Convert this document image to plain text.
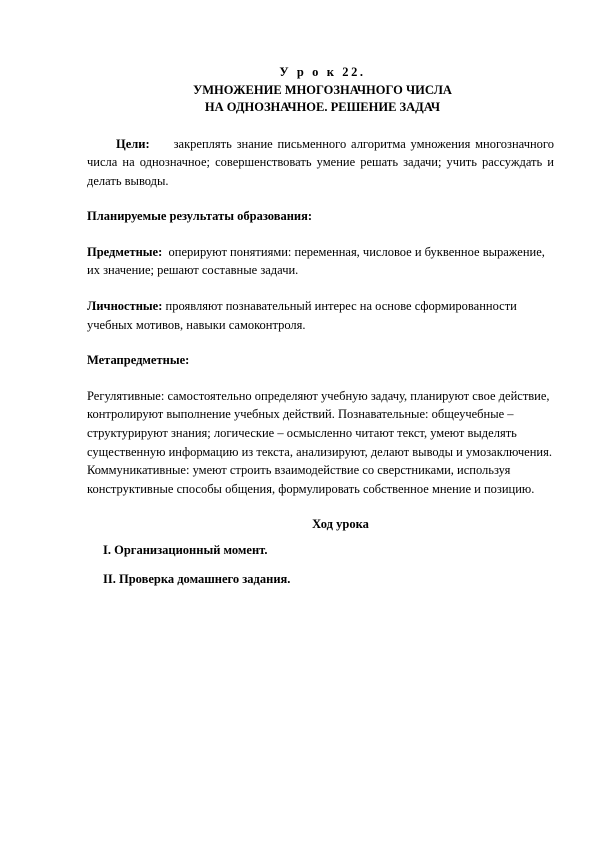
У р о к 22.
УМНОЖЕНИЕ МНОГОЗНАЧНОГО ЧИСЛА
НА ОДНОЗНАЧНОЕ. РЕШЕНИЕ ЗАДАЧ

Цели: закреплять знание письменного алгоритма умножения многозначного числа на однозначное; совершенствовать умение решать задачи; учить рассуждать и делать выводы.

Планируемые результаты образования:

Предметные: оперируют понятиями: переменная, числовое и буквенное выражение, их значение; решают составные задачи.

Личностные: проявляют познавательный интерес на основе сформированности учебных мотивов, навыки самоконтроля.

Метапредметные:

Регулятивные: самостоятельно определяют учебную задачу, планируют свое действие, контролируют выполнение учебных действий. Познавательные: общеучебные – структурируют знания; логические – осмысленно читают текст, умеют выделять существенную информацию из текста, анализируют, делают выводы и умозаключения. Коммуникативные: умеют строить взаимодействие со сверстниками, используя конструктивные способы общения, формулировать собственное мнение и позицию.

Ход урока

I. Организационный момент.

II. Проверка домашнего задания.
